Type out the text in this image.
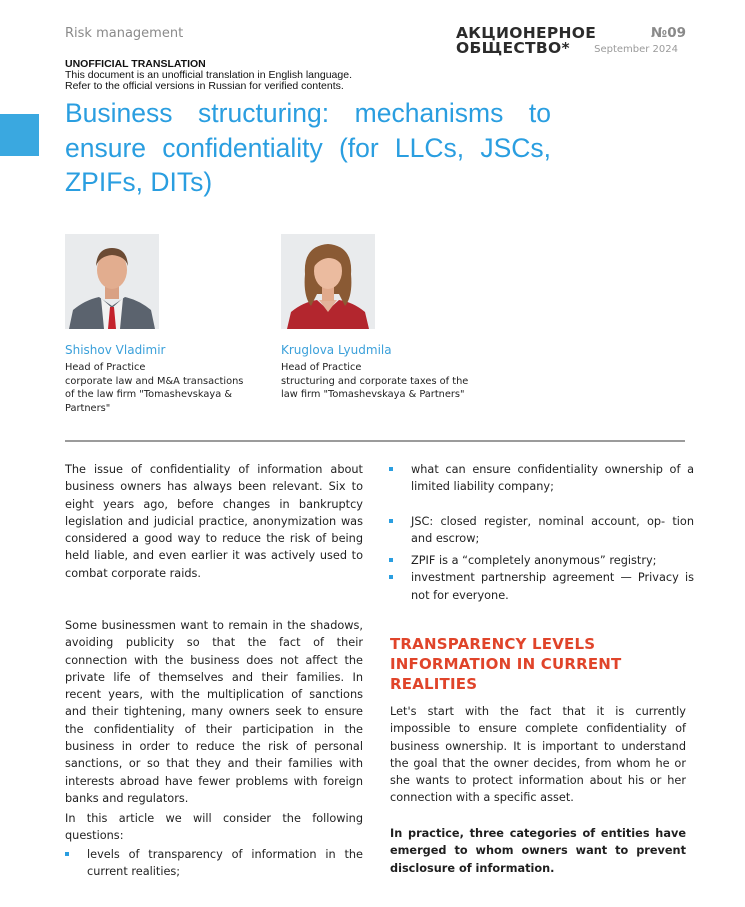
Risk management	АКЦИОНЕРНОЕ
ОБЩЕСТВО*
№09
September 2024
UNOFFICIAL TRANSLATION
This document is an unofficial translation in English language.
Refer to the official versions in Russian for verified contents.
Business structuring: mechanisms to ensure confidentiality (for LLCs, JSCs, ZPIFs, DITs)
Shishov Vladimir
Head of Practice
corporate law and M&A transactions of the law firm "Tomashevskaya & Partners"
Kruglova Lyudmila
Head of Practice
structuring and corporate taxes of the law firm "Tomashevskaya & Partners"

The issue of confidentiality of information about business owners has always been relevant. Six to eight years ago, before changes in bankruptcy legislation and judicial practice, anonymization was considered a good way to reduce the risk of being held liable, and even earlier it was actively used to combat corporate raids.

Some businessmen want to remain in the shadows, avoiding publicity so that the fact of their connection with the business does not affect the private life of themselves and their families. In recent years, with the multiplication of sanctions and their tightening, many owners seek to ensure the confidentiality of their participation in the business in order to reduce the risk of personal sanctions, or so that they and their families with interests abroad have fewer problems with foreign banks and regulators.

In this article we will consider the following questions:

levels of transparency of information in the current realities;
what can ensure confidentiality ownership of a limited liability company;
JSC: closed register, nominal account, op- tion and escrow;
ZPIF is a “completely anonymous” registry;
investment partnership agreement — Privacy is not for everyone.
TRANSPARENCY LEVELS INFORMATION IN CURRENT REALITIES

Let's start with the fact that it is currently impossible to ensure complete confidentiality of business ownership. It is important to understand the goal that the owner decides, from whom he or she wants to protect information about his or her connection with a specific asset.

In practice, three categories of entities have emerged to whom owners want to prevent disclosure of information.
